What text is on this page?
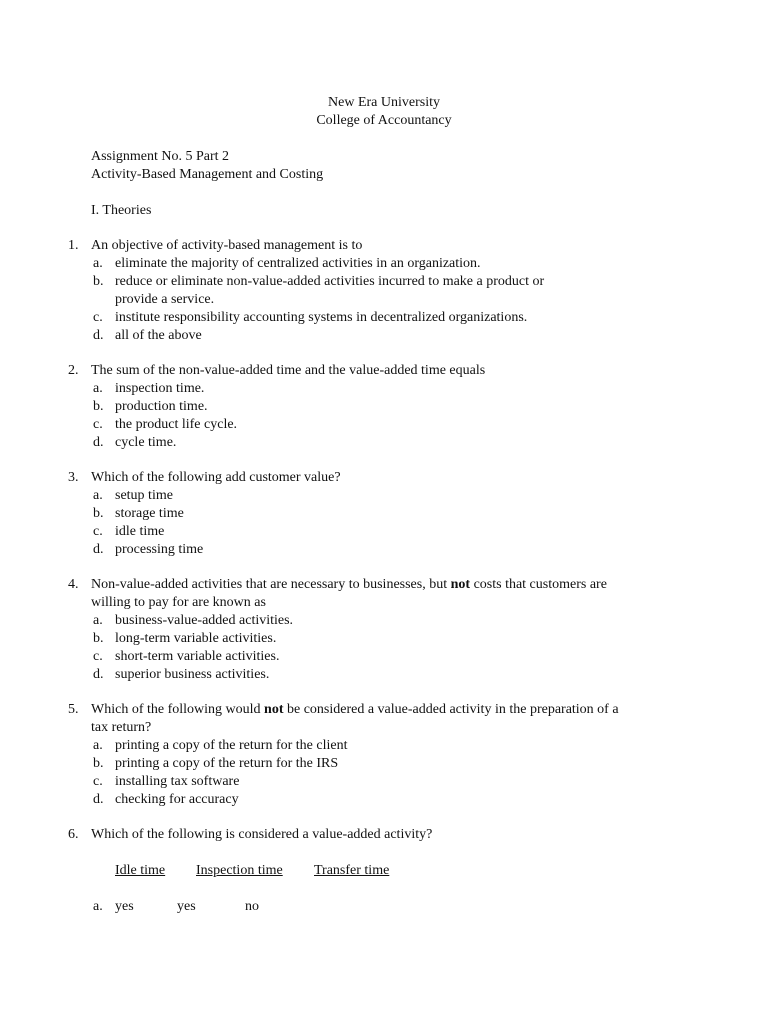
New Era University
College of Accountancy
Assignment No. 5 Part 2
Activity-Based Management and Costing
I. Theories
1. An objective of activity-based management is to
a. eliminate the majority of centralized activities in an organization.
b. reduce or eliminate non-value-added activities incurred to make a product or
provide a service.
c. institute responsibility accounting systems in decentralized organizations.
d. all of the above
2. The sum of the non-value-added time and the value-added time equals
a. inspection time.
b. production time.
c. the product life cycle.
d. cycle time.
3. Which of the following add customer value?
a. setup time
b. storage time
c. idle time
d. processing time
4. Non-value-added activities that are necessary to businesses, but not costs that customers are
willing to pay for are known as
a. business-value-added activities.
b. long-term variable activities.
c. short-term variable activities.
d. superior business activities.
5. Which of the following would not be considered a value-added activity in the preparation of a
tax return?
a. printing a copy of the return for the client
b. printing a copy of the return for the IRS
c. installing tax software
d. checking for accuracy
6. Which of the following is considered a value-added activity?
Idle time Inspection time Transfer time
a. yes	yes	no
